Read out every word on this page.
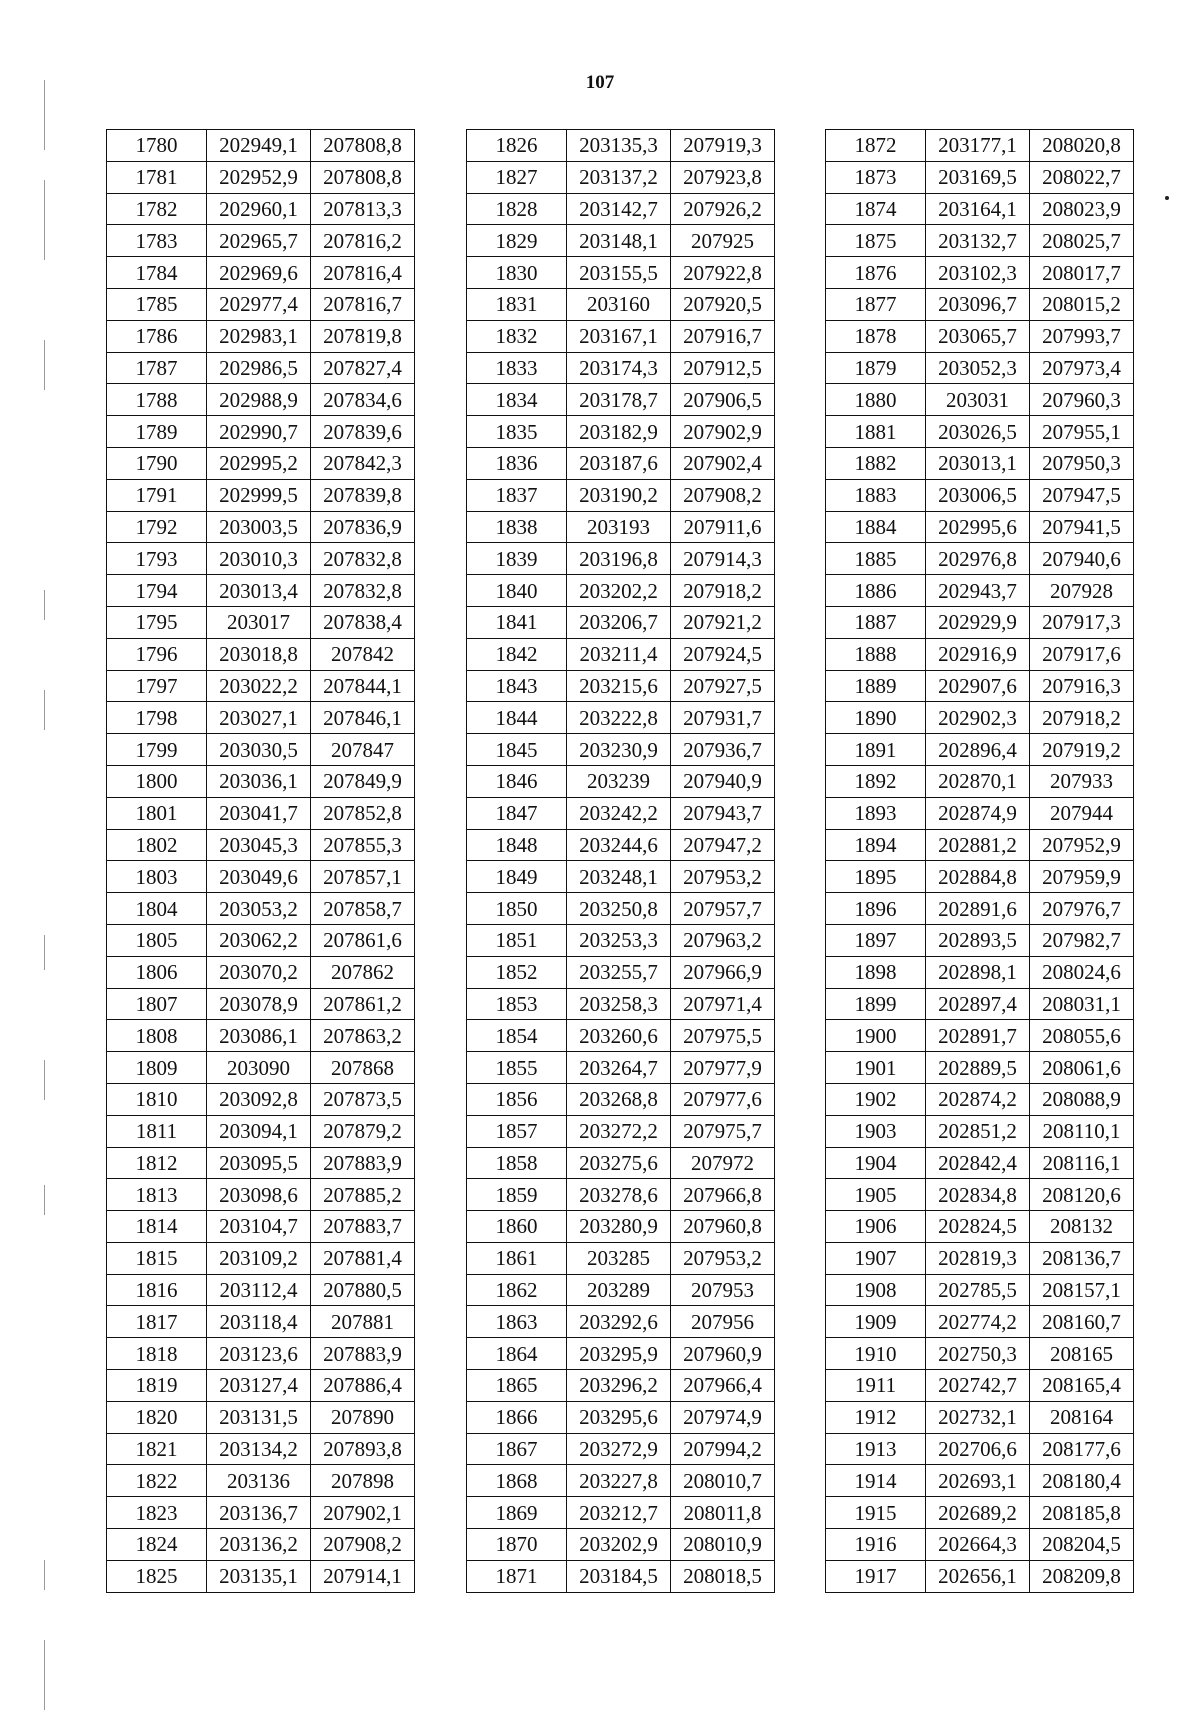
107
1780	202949,1	207808,8
1781	202952,9	207808,8
1782	202960,1	207813,3
1783	202965,7	207816,2
1784	202969,6	207816,4
1785	202977,4	207816,7
1786	202983,1	207819,8
1787	202986,5	207827,4
1788	202988,9	207834,6
1789	202990,7	207839,6
1790	202995,2	207842,3
1791	202999,5	207839,8
1792	203003,5	207836,9
1793	203010,3	207832,8
1794	203013,4	207832,8
1795	203017	207838,4
1796	203018,8	207842
1797	203022,2	207844,1
1798	203027,1	207846,1
1799	203030,5	207847
1800	203036,1	207849,9
1801	203041,7	207852,8
1802	203045,3	207855,3
1803	203049,6	207857,1
1804	203053,2	207858,7
1805	203062,2	207861,6
1806	203070,2	207862
1807	203078,9	207861,2
1808	203086,1	207863,2
1809	203090	207868
1810	203092,8	207873,5
1811	203094,1	207879,2
1812	203095,5	207883,9
1813	203098,6	207885,2
1814	203104,7	207883,7
1815	203109,2	207881,4
1816	203112,4	207880,5
1817	203118,4	207881
1818	203123,6	207883,9
1819	203127,4	207886,4
1820	203131,5	207890
1821	203134,2	207893,8
1822	203136	207898
1823	203136,7	207902,1
1824	203136,2	207908,2
1825	203135,1	207914,1
1826	203135,3	207919,3
1827	203137,2	207923,8
1828	203142,7	207926,2
1829	203148,1	207925
1830	203155,5	207922,8
1831	203160	207920,5
1832	203167,1	207916,7
1833	203174,3	207912,5
1834	203178,7	207906,5
1835	203182,9	207902,9
1836	203187,6	207902,4
1837	203190,2	207908,2
1838	203193	207911,6
1839	203196,8	207914,3
1840	203202,2	207918,2
1841	203206,7	207921,2
1842	203211,4	207924,5
1843	203215,6	207927,5
1844	203222,8	207931,7
1845	203230,9	207936,7
1846	203239	207940,9
1847	203242,2	207943,7
1848	203244,6	207947,2
1849	203248,1	207953,2
1850	203250,8	207957,7
1851	203253,3	207963,2
1852	203255,7	207966,9
1853	203258,3	207971,4
1854	203260,6	207975,5
1855	203264,7	207977,9
1856	203268,8	207977,6
1857	203272,2	207975,7
1858	203275,6	207972
1859	203278,6	207966,8
1860	203280,9	207960,8
1861	203285	207953,2
1862	203289	207953
1863	203292,6	207956
1864	203295,9	207960,9
1865	203296,2	207966,4
1866	203295,6	207974,9
1867	203272,9	207994,2
1868	203227,8	208010,7
1869	203212,7	208011,8
1870	203202,9	208010,9
1871	203184,5	208018,5
1872	203177,1	208020,8
1873	203169,5	208022,7
1874	203164,1	208023,9
1875	203132,7	208025,7
1876	203102,3	208017,7
1877	203096,7	208015,2
1878	203065,7	207993,7
1879	203052,3	207973,4
1880	203031	207960,3
1881	203026,5	207955,1
1882	203013,1	207950,3
1883	203006,5	207947,5
1884	202995,6	207941,5
1885	202976,8	207940,6
1886	202943,7	207928
1887	202929,9	207917,3
1888	202916,9	207917,6
1889	202907,6	207916,3
1890	202902,3	207918,2
1891	202896,4	207919,2
1892	202870,1	207933
1893	202874,9	207944
1894	202881,2	207952,9
1895	202884,8	207959,9
1896	202891,6	207976,7
1897	202893,5	207982,7
1898	202898,1	208024,6
1899	202897,4	208031,1
1900	202891,7	208055,6
1901	202889,5	208061,6
1902	202874,2	208088,9
1903	202851,2	208110,1
1904	202842,4	208116,1
1905	202834,8	208120,6
1906	202824,5	208132
1907	202819,3	208136,7
1908	202785,5	208157,1
1909	202774,2	208160,7
1910	202750,3	208165
1911	202742,7	208165,4
1912	202732,1	208164
1913	202706,6	208177,6
1914	202693,1	208180,4
1915	202689,2	208185,8
1916	202664,3	208204,5
1917	202656,1	208209,8
